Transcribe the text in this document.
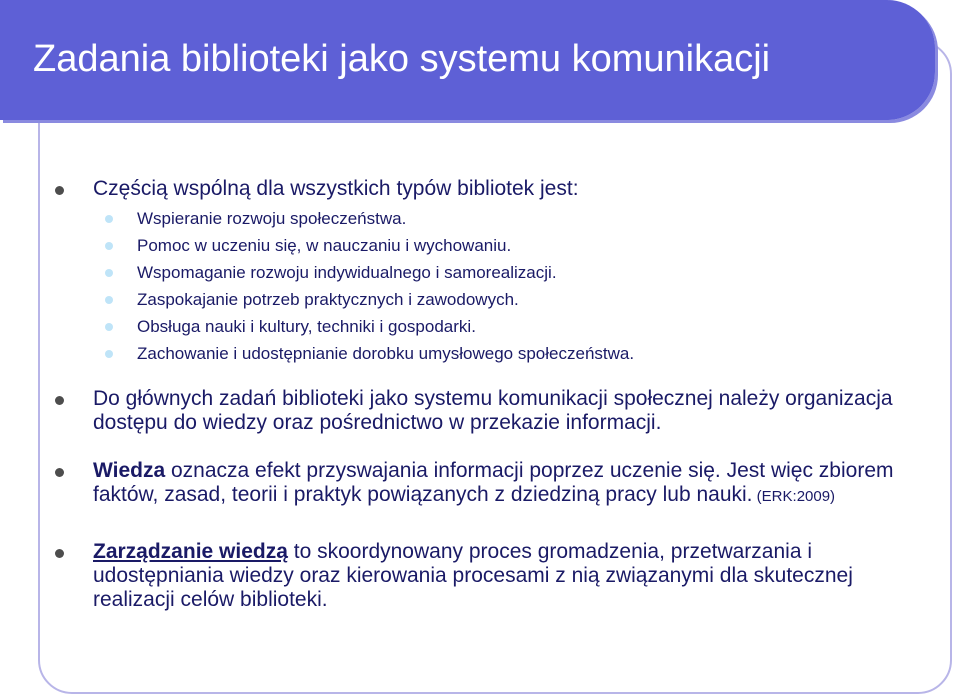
Zadania biblioteki jako systemu komunikacji
Częścią wspólną dla wszystkich typów bibliotek jest:
Wspieranie rozwoju społeczeństwa.
Pomoc w uczeniu się, w nauczaniu i wychowaniu.
Wspomaganie rozwoju indywidualnego i samorealizacji.
Zaspokajanie potrzeb praktycznych i zawodowych.
Obsługa nauki i kultury, techniki i gospodarki.
Zachowanie i udostępnianie dorobku umysłowego społeczeństwa.
Do głównych zadań biblioteki jako systemu komunikacji społecznej należy organizacja dostępu do wiedzy oraz pośrednictwo w przekazie informacji.
Wiedza oznacza efekt przyswajania informacji poprzez uczenie się. Jest więc zbiorem faktów, zasad, teorii i praktyk powiązanych z dziedziną pracy lub nauki. (ERK:2009)
Zarządzanie wiedzą to skoordynowany proces gromadzenia, przetwarzania i udostępniania wiedzy oraz kierowania procesami z nią związanymi dla skutecznej realizacji celów biblioteki.
